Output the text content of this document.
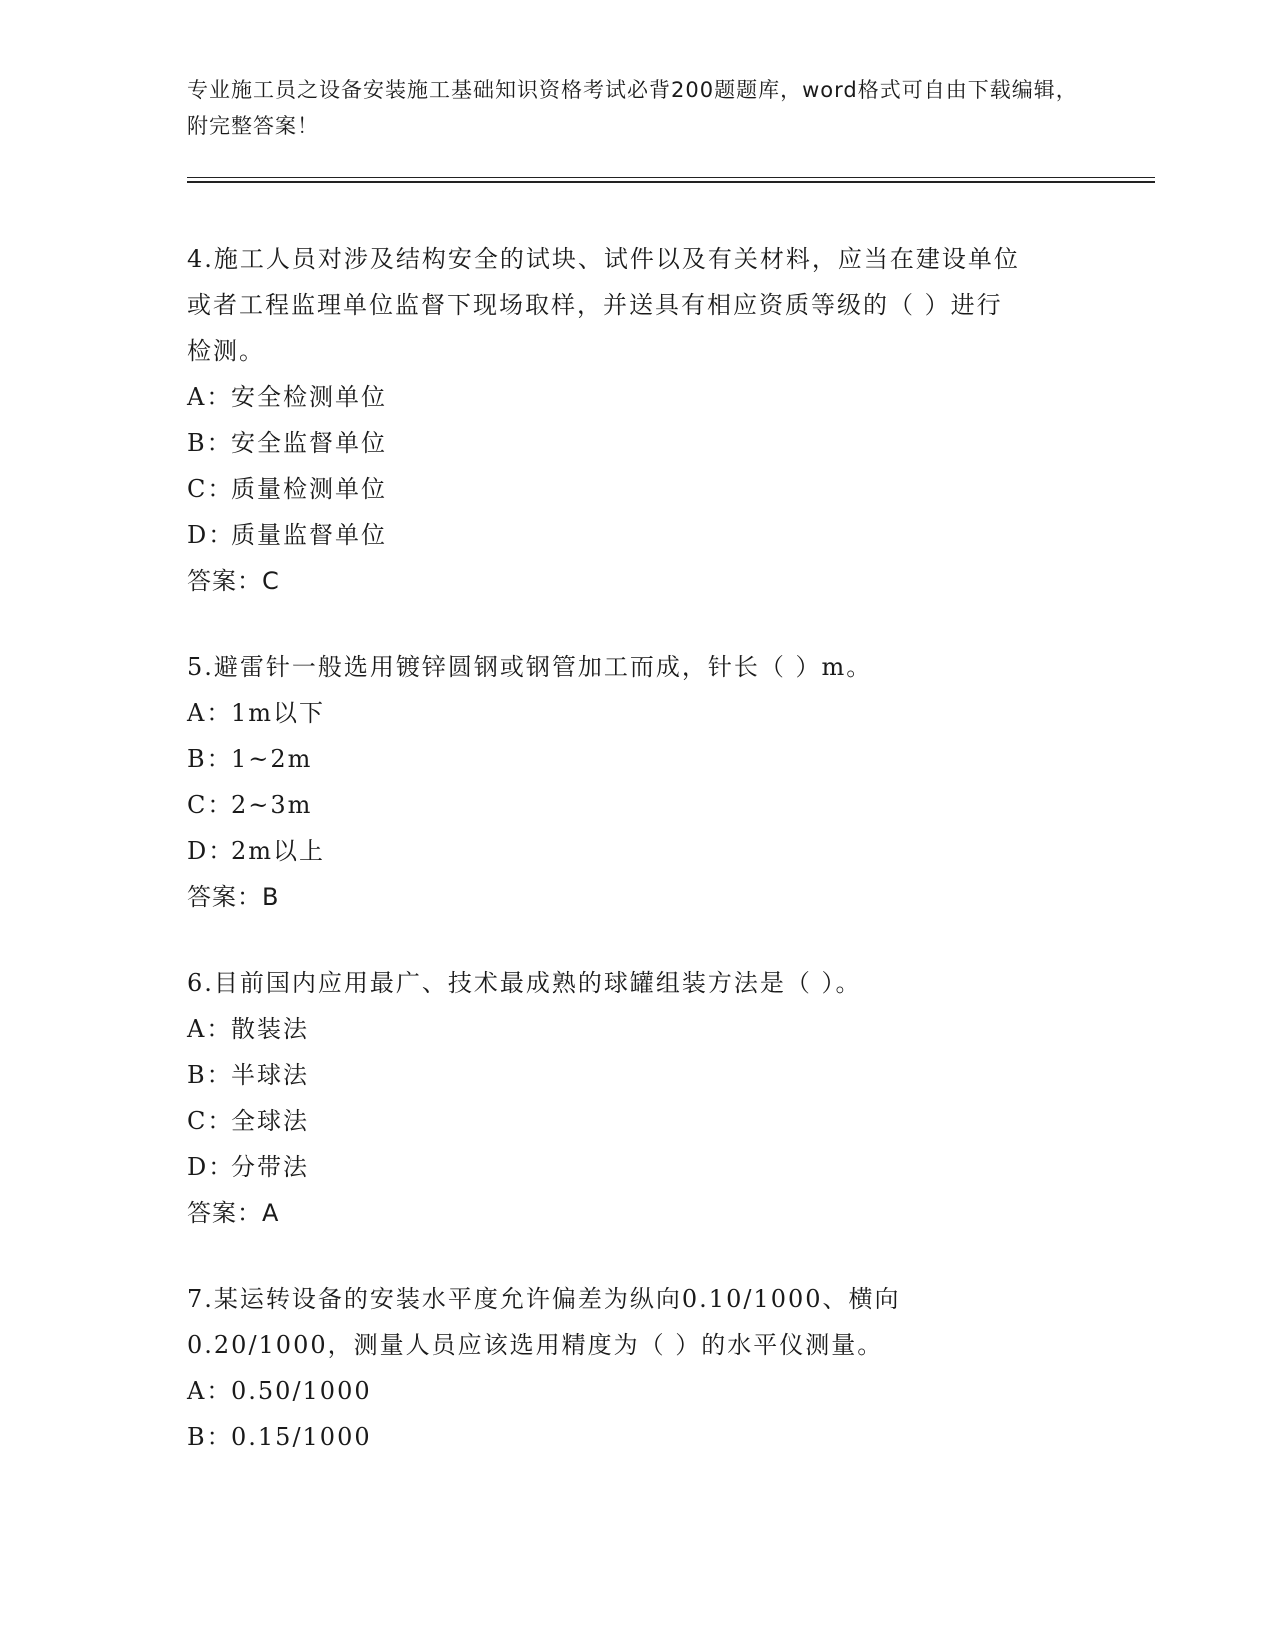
专业施工员之设备安装施工基础知识资格考试必背200题题库，word格式可自由下载编辑，附完整答案！
4.施工人员对涉及结构安全的试块、试件以及有关材料，应当在建设单位或者工程监理单位监督下现场取样，并送具有相应资质等级的（ ）进行检测。
A：
安全检测单位
B：
安全监督单位
C：
质量检测单位
D：
质量监督单位
答案：C
5.避雷针一般选用镀锌圆钢或钢管加工而成，针长（ ）m。
A：
1m以下
B：
1~2m
C：
2~3m
D：
2m以上
答案：B
6.目前国内应用最广、技术最成熟的球罐组装方法是（ ）。
A：
散装法
B：
半球法
C：
全球法
D：
分带法
答案：A
7.某运转设备的安装水平度允许偏差为纵向0.10/1000、横向0.20/1000，测量人员应该选用精度为（ ）的水平仪测量。
A：
0.50/1000
B：
0.15/1000
